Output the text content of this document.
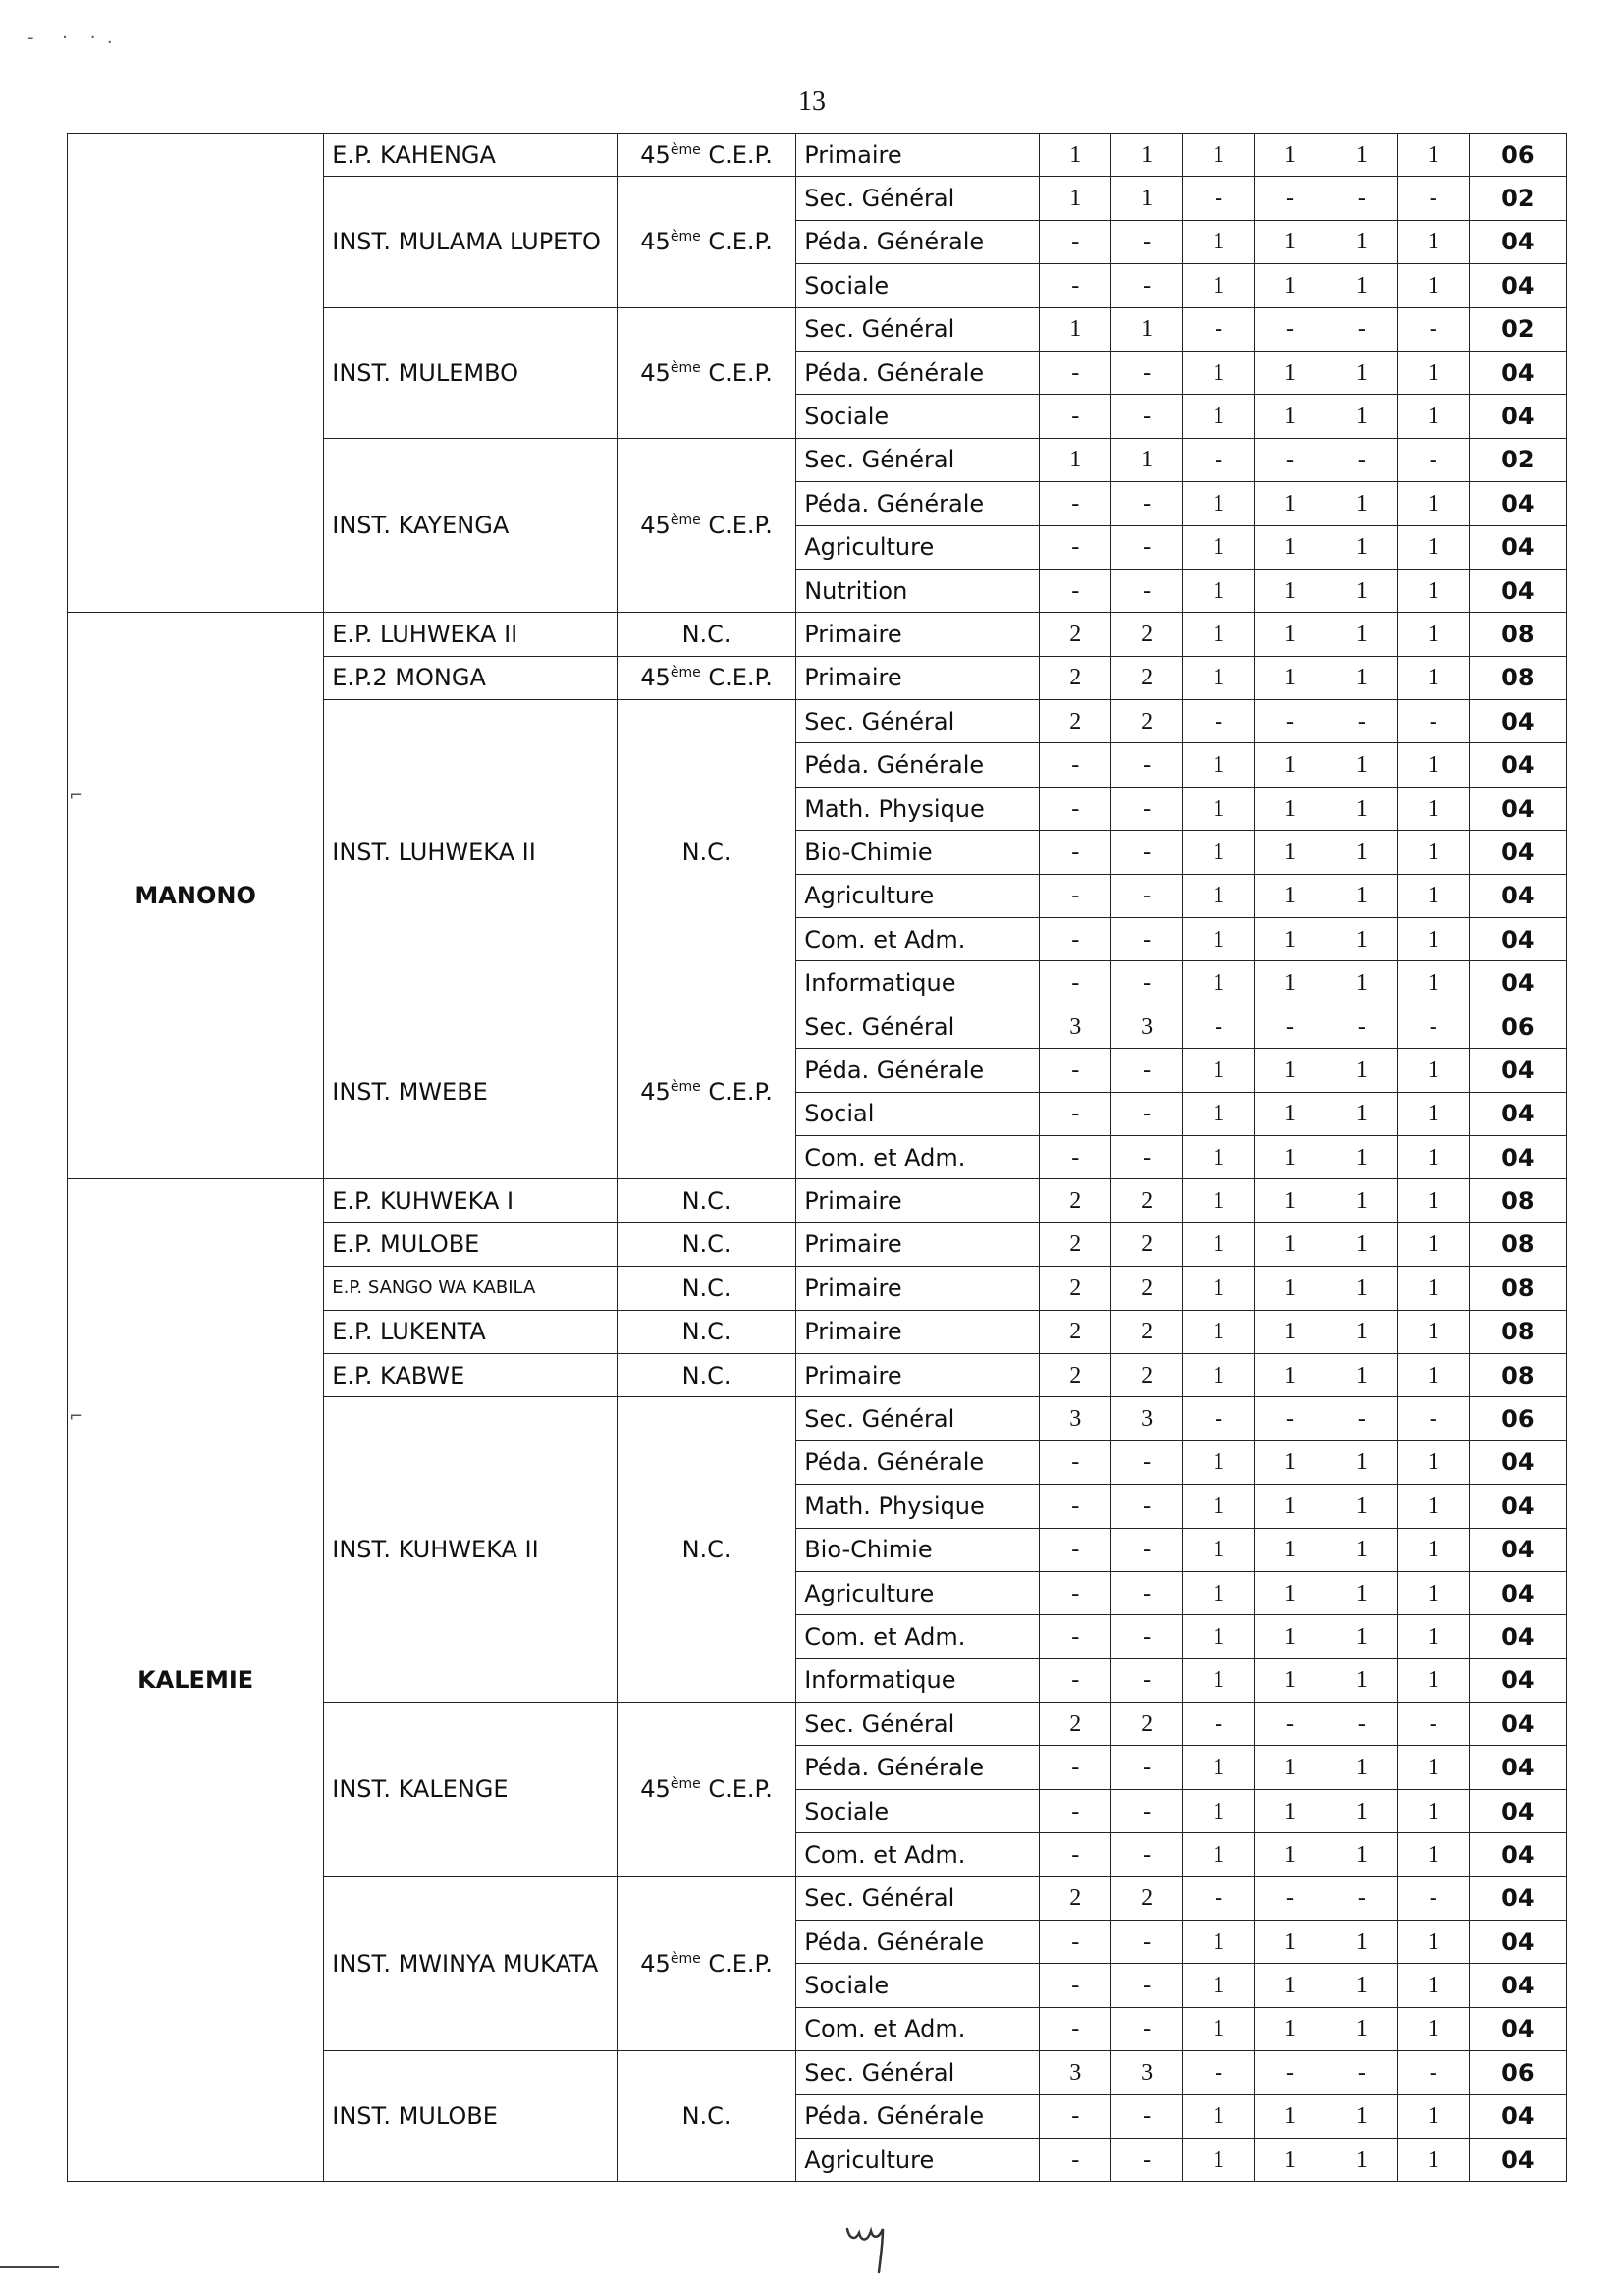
13
-     ·    ·  .
⌐
⌐
	E.P. KAHENGA	45ème C.E.P.	Primaire	1	1	1	1	1	1	06
	INST. MULAMA LUPETO	45ème C.E.P.	Sec. Général	1	1	-	-	-	-	02
			Péda. Générale	-	-	1	1	1	1	04
			Sociale	-	-	1	1	1	1	04
	INST. MULEMBO	45ème C.E.P.	Sec. Général	1	1	-	-	-	-	02
			Péda. Générale	-	-	1	1	1	1	04
			Sociale	-	-	1	1	1	1	04
	INST. KAYENGA	45ème C.E.P.	Sec. Général	1	1	-	-	-	-	02
			Péda. Générale	-	-	1	1	1	1	04
			Agriculture	-	-	1	1	1	1	04
			Nutrition	-	-	1	1	1	1	04
MANONO	E.P. LUHWEKA II	N.C.	Primaire	2	2	1	1	1	1	08
	E.P.2 MONGA	45ème C.E.P.	Primaire	2	2	1	1	1	1	08
	INST. LUHWEKA II	N.C.	Sec. Général	2	2	-	-	-	-	04
			Péda. Générale	-	-	1	1	1	1	04
			Math. Physique	-	-	1	1	1	1	04
			Bio-Chimie	-	-	1	1	1	1	04
			Agriculture	-	-	1	1	1	1	04
			Com. et Adm.	-	-	1	1	1	1	04
			Informatique	-	-	1	1	1	1	04
	INST. MWEBE	45ème C.E.P.	Sec. Général	3	3	-	-	-	-	06
			Péda. Générale	-	-	1	1	1	1	04
			Social	-	-	1	1	1	1	04
			Com. et Adm.	-	-	1	1	1	1	04
KALEMIE	E.P. KUHWEKA I	N.C.	Primaire	2	2	1	1	1	1	08
	E.P. MULOBE	N.C.	Primaire	2	2	1	1	1	1	08
	E.P. SANGO WA KABILA	N.C.	Primaire	2	2	1	1	1	1	08
	E.P. LUKENTA	N.C.	Primaire	2	2	1	1	1	1	08
	E.P. KABWE	N.C.	Primaire	2	2	1	1	1	1	08
	INST. KUHWEKA II	N.C.	Sec. Général	3	3	-	-	-	-	06
			Péda. Générale	-	-	1	1	1	1	04
			Math. Physique	-	-	1	1	1	1	04
			Bio-Chimie	-	-	1	1	1	1	04
			Agriculture	-	-	1	1	1	1	04
			Com. et Adm.	-	-	1	1	1	1	04
			Informatique	-	-	1	1	1	1	04
	INST. KALENGE	45ème C.E.P.	Sec. Général	2	2	-	-	-	-	04
			Péda. Générale	-	-	1	1	1	1	04
			Sociale	-	-	1	1	1	1	04
			Com. et Adm.	-	-	1	1	1	1	04
	INST. MWINYA MUKATA	45ème C.E.P.	Sec. Général	2	2	-	-	-	-	04
			Péda. Générale	-	-	1	1	1	1	04
			Sociale	-	-	1	1	1	1	04
			Com. et Adm.	-	-	1	1	1	1	04
	INST. MULOBE	N.C.	Sec. Général	3	3	-	-	-	-	06
			Péda. Générale	-	-	1	1	1	1	04
			Agriculture	-	-	1	1	1	1	04
